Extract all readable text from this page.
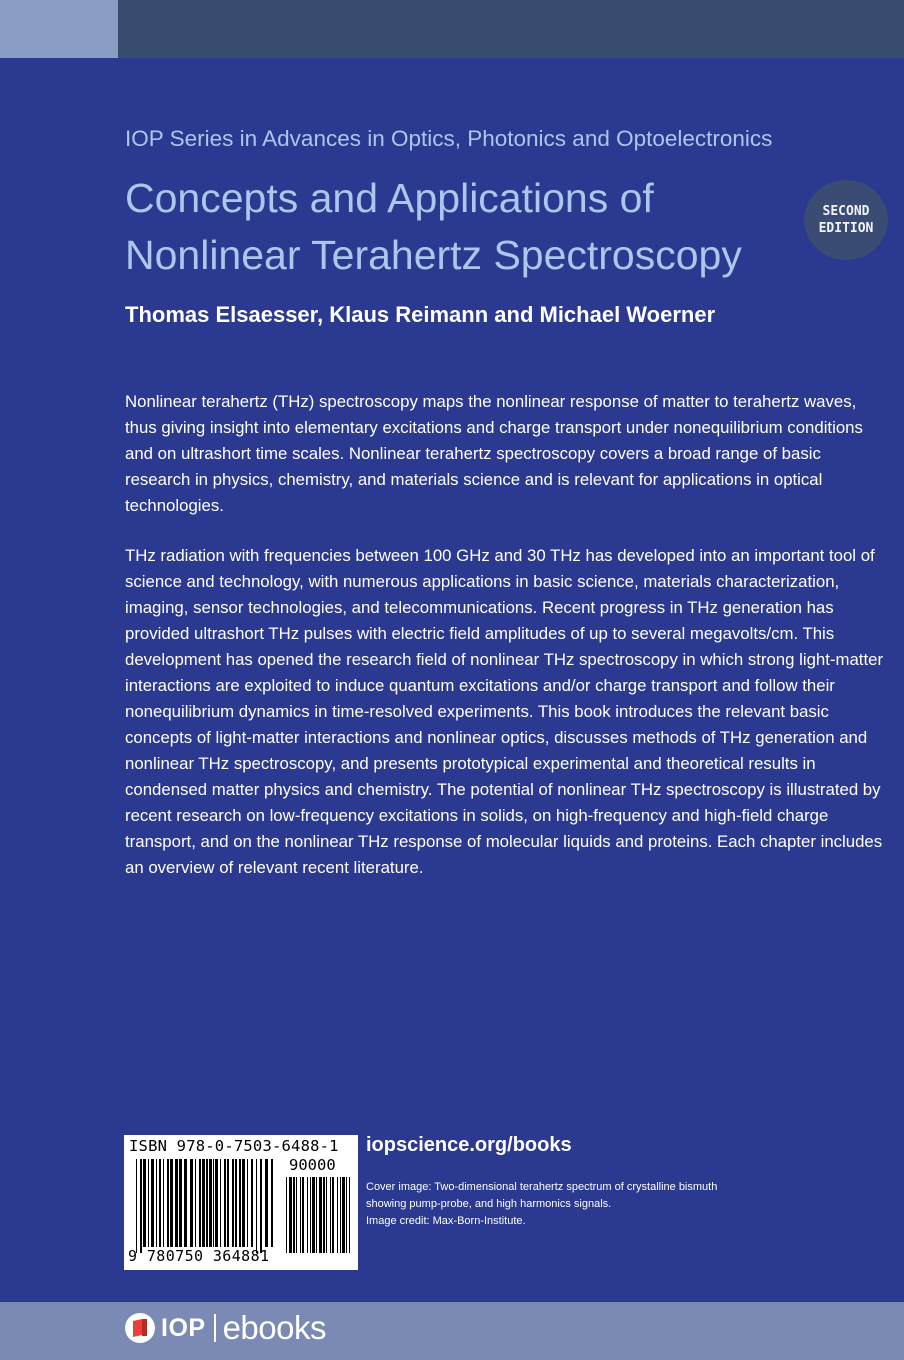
IOP Series in Advances in Optics, Photonics and Optoelectronics
Concepts and Applications of
Nonlinear Terahertz Spectroscopy
SECOND
EDITION
Thomas Elsaesser, Klaus Reimann and Michael Woerner

Nonlinear terahertz (THz) spectroscopy maps the nonlinear response of matter to terahertz waves, thus giving insight into elementary excitations and charge transport under nonequilibrium conditions and on ultrashort time scales. Nonlinear terahertz spectroscopy covers a broad range of basic research in physics, chemistry, and materials science and is relevant for applications in optical technologies.

THz radiation with frequencies between 100 GHz and 30 THz has developed into an important tool of science and technology, with numerous applications in basic science, materials characterization, imaging, sensor technologies, and telecommunications. Recent progress in THz generation has provided ultrashort THz pulses with electric field amplitudes of up to several megavolts/cm. This development has opened the research field of nonlinear THz spectroscopy in which strong light-matter interactions are exploited to induce quantum excitations and/or charge transport and follow their nonequilibrium dynamics in time-resolved experiments. This book introduces the relevant basic concepts of light-matter interactions and nonlinear optics, discusses methods of THz generation and nonlinear THz spectroscopy, and presents prototypical experimental and theoretical results in condensed matter physics and chemistry. The potential of nonlinear THz spectroscopy is illustrated by recent research on low-frequency excitations in solids, on high-frequency and high-field charge transport, and on the nonlinear THz response of molecular liquids and proteins. Each chapter includes an overview of relevant recent literature.

ISBN 978-0-7503-6488-1
90000
9 780750 364881
iopscience.org/books
Cover image: Two-dimensional terahertz spectrum of crystalline bismuth
showing pump-probe, and high harmonics signals.
Image credit: Max-Born-Institute.
IOP ebooks
